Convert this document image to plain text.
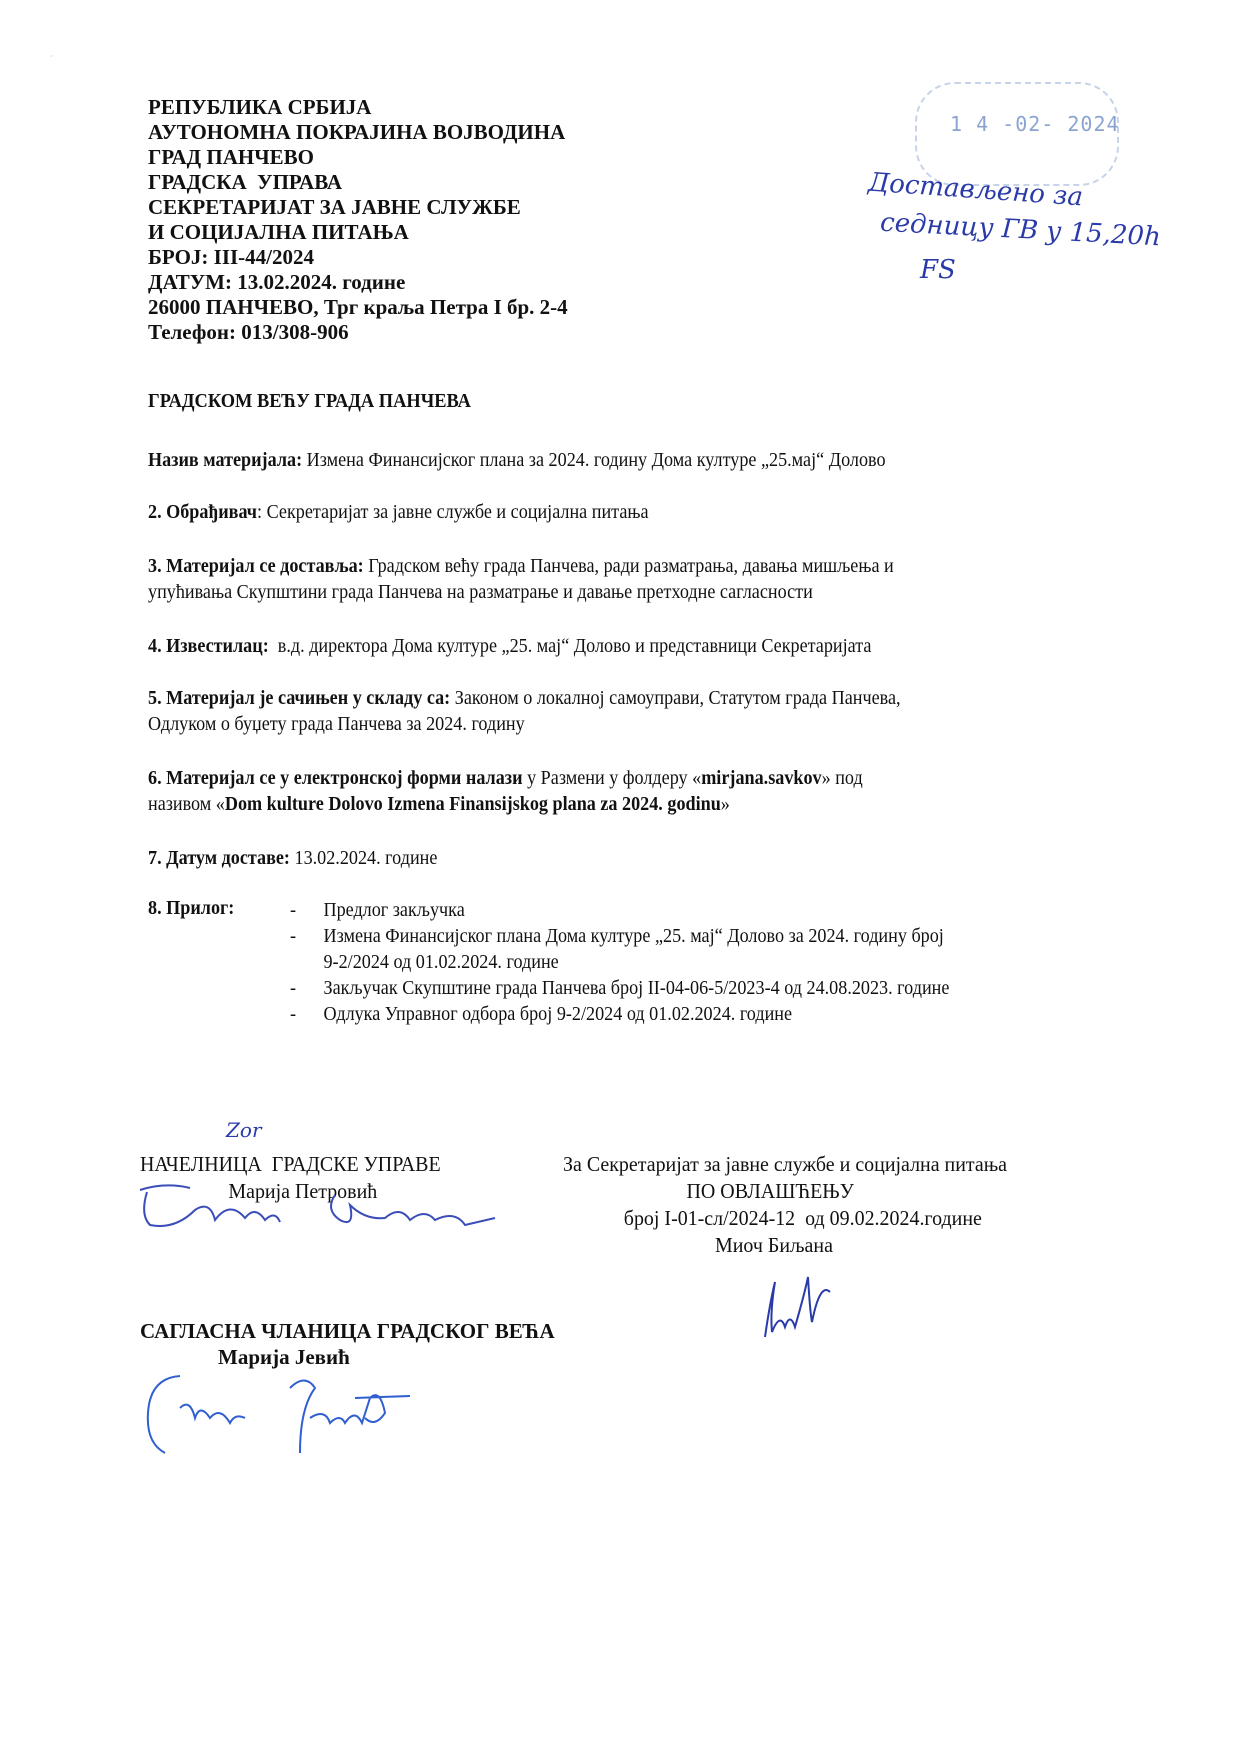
ˊ
РЕПУБЛИКА СРБИЈА
АУТОНОМНА ПОКРАЈИНА ВОЈВОДИНА
ГРАД ПАНЧЕВО
ГРАДСКА  УПРАВА
СЕКРЕТАРИЈАТ ЗА ЈАВНЕ СЛУЖБЕ
И СОЦИЈАЛНА ПИТАЊА
БРОЈ: III-44/2024
ДАТУМ: 13.02.2024. године
26000 ПАНЧЕВО, Трг краља Петра I бр. 2-4
Телефон: 013/308-906
1 4 -02- 2024
Достављено за
седницу ГВ у 15,20h
FS
ГРАДСКОМ ВЕЋУ ГРАДА ПАНЧЕВА
Назив материјала: Измена Финансијског плана за 2024. годину Дома културе „25.мај“ Долово
2. Обрађивач: Секретаријат за јавне службе и социјална питања
3. Материјал се доставља: Градском већу града Панчева, ради разматрања, давања мишљења и
упућивања Скупштини града Панчева на разматрање и давање претходне сагласности
4. Известилац:  в.д. директора Дома културе „25. мај“ Долово и представници Секретаријата
5. Материјал је сачињен у складу са: Законом о локалној самоуправи, Статутом града Панчева,
Одлуком о буџету града Панчева за 2024. годину
6. Материјал се у електронској форми налази у Размени у фолдеру «mirjana.savkov» под
називом «Dom kulture Dolovo Izmena Finansijskog plana za 2024. godinu»
7. Датум доставе: 13.02.2024. године
8. Прилог:	-	Предлог закључка
-	Измена Финансијског плана Дома културе „25. мај“ Долово за 2024. годину број
9-2/2024 од 01.02.2024. године
-	Закључак Скупштине града Панчева број II-04-06-5/2023-4 од 24.08.2023. године
-	Одлука Управног одбора број 9-2/2024 од 01.02.2024. године
Zor
НАЧЕЛНИЦА  ГРАДСКЕ УПРАВЕ
Марија Петровић
За Секретаријат за јавне службе и социјална питања
ПО ОВЛАШЋЕЊУ
број I-01-сл/2024-12  од 09.02.2024.године
Миоч Биљана
САГЛАСНА ЧЛАНИЦА ГРАДСКОГ ВЕЋА
Марија Јевић
